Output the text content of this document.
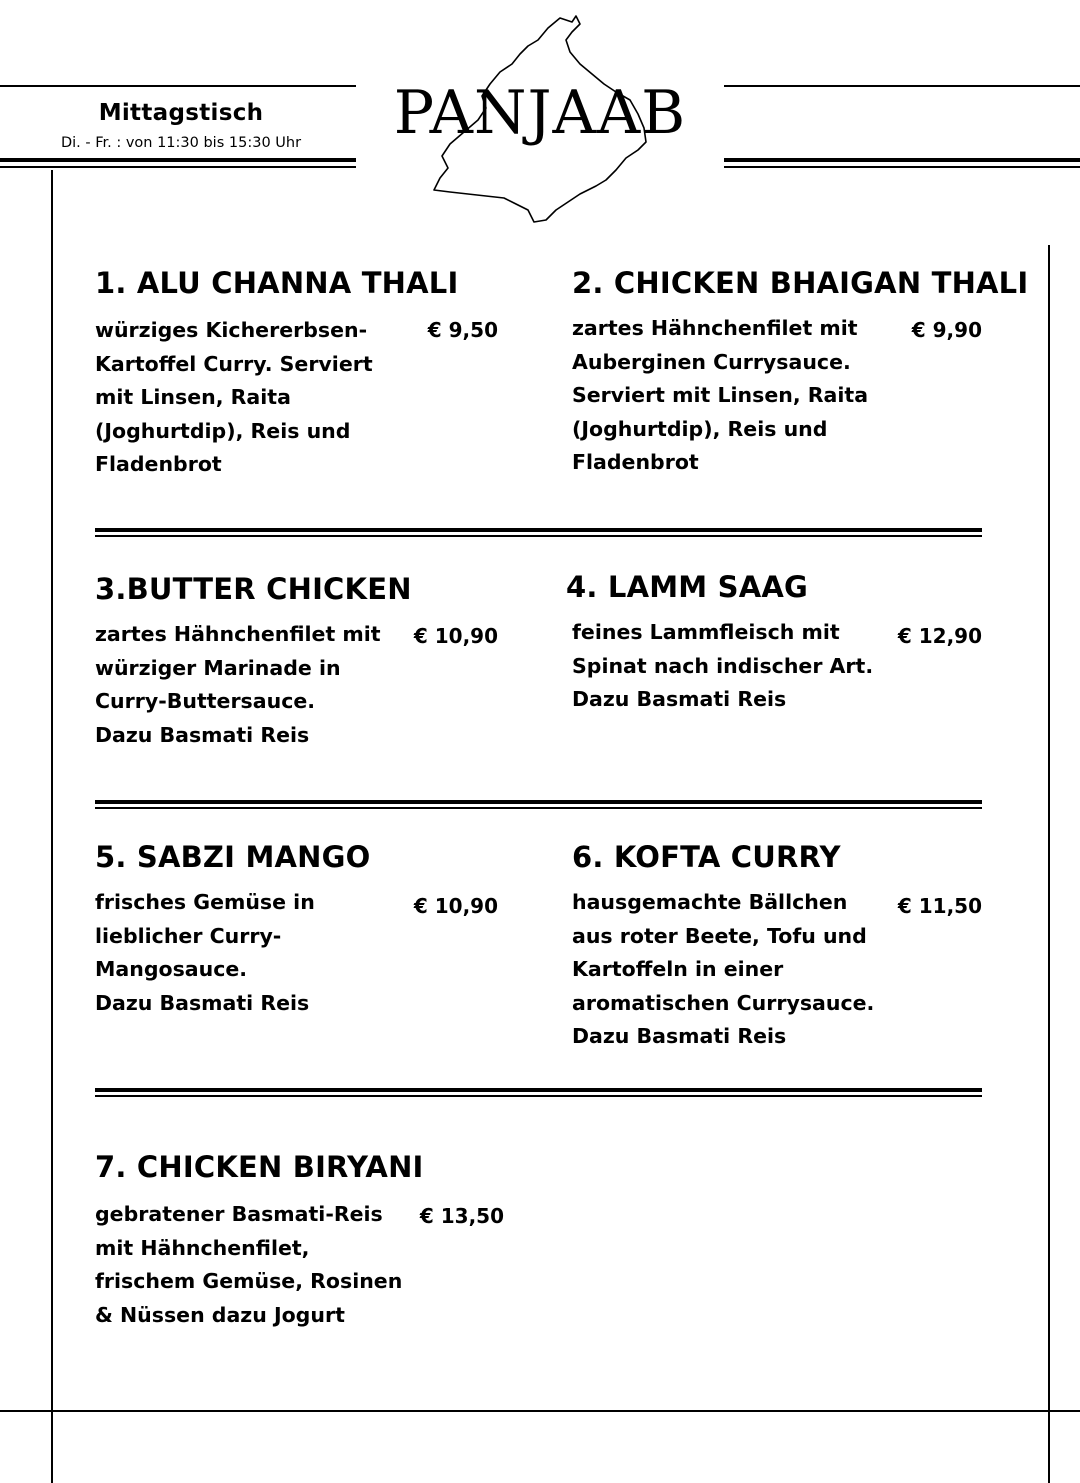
Mittagstisch
Di. - Fr. : von 11:30 bis 15:30 Uhr	PANJAAB
1. ALU CHANNA THALI
würziges Kichererbsen-
Kartoffel Curry. Serviert
mit Linsen, Raita
(Joghurtdip), Reis und
Fladenbrot
€ 9,50
2. CHICKEN BHAIGAN THALI
zartes Hähnchenfilet mit
Auberginen Currysauce.
Serviert mit Linsen, Raita
(Joghurtdip), Reis und
Fladenbrot
€ 9,90
3.BUTTER CHICKEN
zartes Hähnchenfilet mit
würziger Marinade in
Curry-Buttersauce.
Dazu Basmati Reis
€ 10,90
4. LAMM SAAG
feines Lammfleisch mit
Spinat nach indischer Art.
Dazu Basmati Reis
€ 12,90
5. SABZI MANGO
frisches Gemüse in
lieblicher Curry-
Mangosauce.
Dazu Basmati Reis
€ 10,90
6. KOFTA CURRY
hausgemachte Bällchen
aus roter Beete, Tofu und
Kartoffeln in einer
aromatischen Currysauce.
Dazu Basmati Reis
€ 11,50
7. CHICKEN BIRYANI
gebratener Basmati-Reis
mit Hähnchenfilet,
frischem Gemüse, Rosinen
& Nüssen dazu Jogurt
€ 13,50
